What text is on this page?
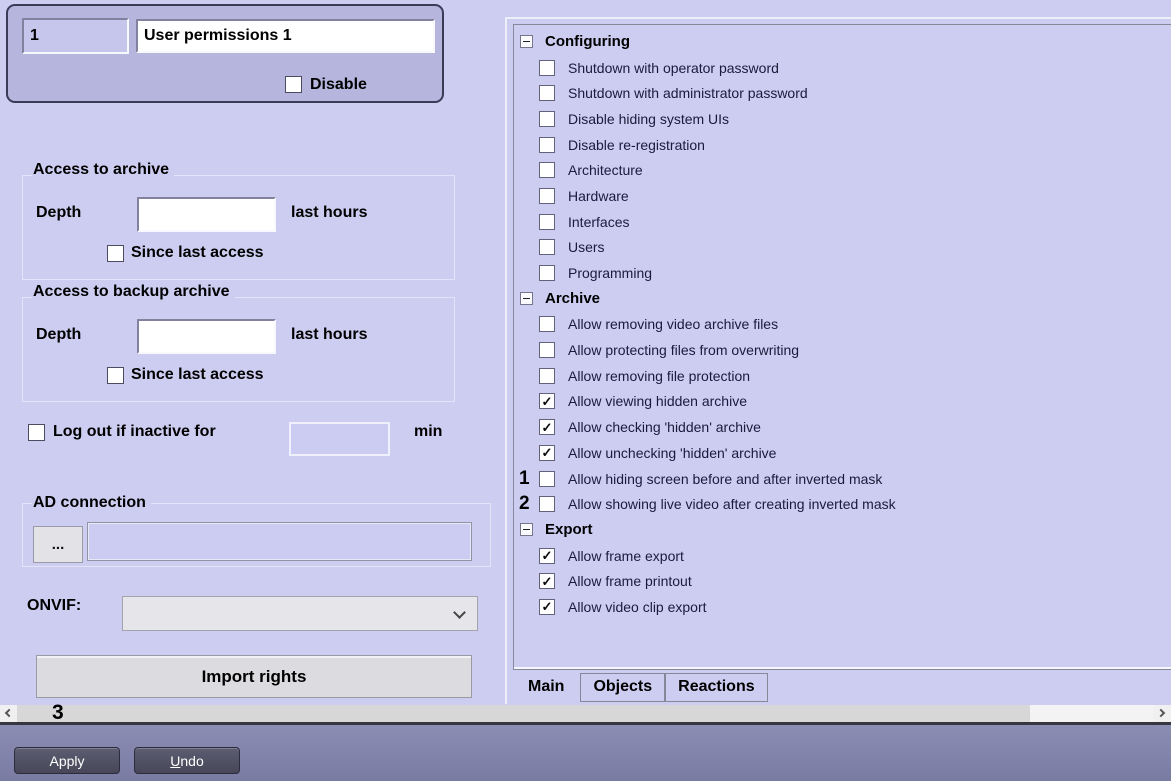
1
User permissions 1
Disable
Access to archive
Depth	last hours
Since last access
Access to backup archive
Depth	last hours
Since last access
Log out if inactive for	min
AD connection
...
ONVIF:
Import rights
Configuring
Shutdown with operator password
Shutdown with administrator password
Disable hiding system UIs
Disable re-registration
Architecture
Hardware
Interfaces
Users
Programming
Archive
Allow removing video archive files
Allow protecting files from overwriting
Allow removing file protection
✓ Allow viewing hidden archive
✓ Allow checking 'hidden' archive
✓ Allow unchecking 'hidden' archive
1	Allow hiding screen before and after inverted mask
2	Allow showing live video after creating inverted mask
Export
✓ Allow frame export
✓ Allow frame printout
✓ Allow video clip export
Main	Objects	Reactions
3
Apply	Undo
